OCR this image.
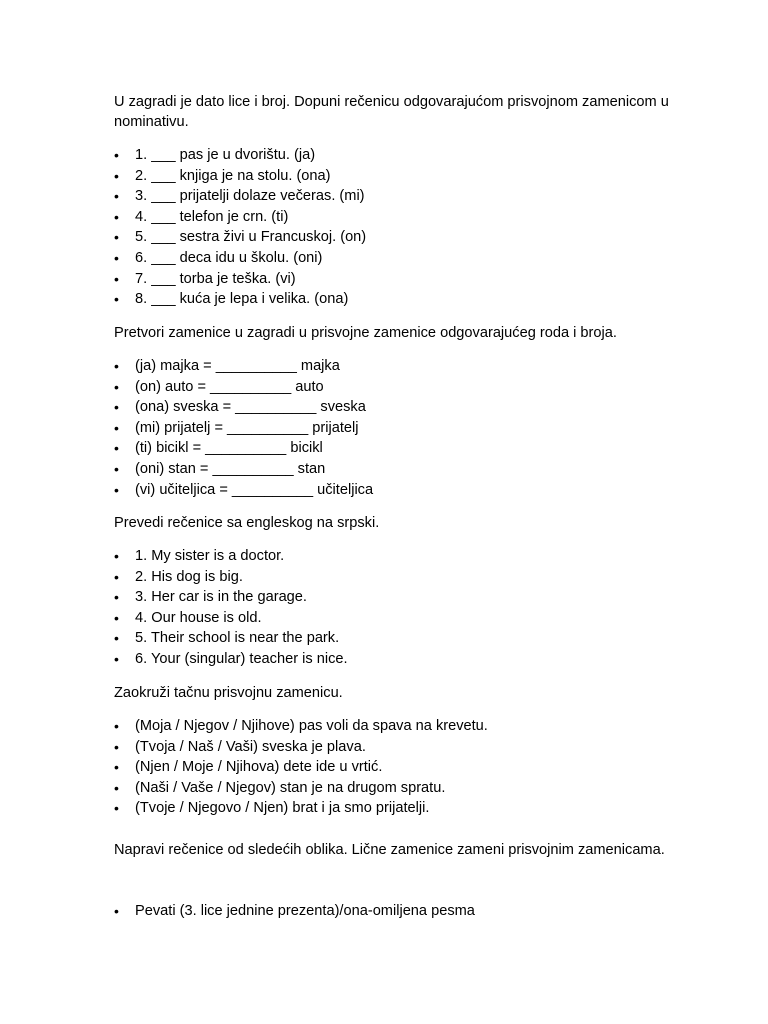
U zagradi je dato lice i broj. Dopuni rečenicu odgovarajućom prisvojnom zamenicom u nominativu.

• 1. ___ pas je u dvorištu. (ja)
• 2. ___ knjiga je na stolu. (ona)
• 3. ___ prijatelji dolaze večeras. (mi)
• 4. ___ telefon je crn. (ti)
• 5. ___ sestra živi u Francuskoj. (on)
• 6. ___ deca idu u školu. (oni)
• 7. ___ torba je teška. (vi)
• 8. ___ kuća je lepa i velika. (ona)

Pretvori zamenice u zagradi u prisvojne zamenice odgovarajućeg roda i broja.

• (ja) majka = __________ majka
• (on) auto = __________ auto
• (ona) sveska = __________ sveska
• (mi) prijatelj = __________ prijatelj
• (ti) bicikl = __________ bicikl
• (oni) stan = __________ stan
• (vi) učiteljica = __________ učiteljica

Prevedi rečenice sa engleskog na srpski.

• 1. My sister is a doctor.
• 2. His dog is big.
• 3. Her car is in the garage.
• 4. Our house is old.
• 5. Their school is near the park.
• 6. Your (singular) teacher is nice.

Zaokruži tačnu prisvojnu zamenicu.

• (Moja / Njegov / Njihove) pas voli da spava na krevetu.
• (Tvoja / Naš / Vaši) sveska je plava.
• (Njen / Moje / Njihova) dete ide u vrtić.
• (Naši / Vaše / Njegov) stan je na drugom spratu.
• (Tvoje / Njegovo / Njen) brat i ja smo prijatelji.

Napravi rečenice od sledećih oblika. Lične zamenice zameni prisvojnim zamenicama.

• Pevati (3. lice jednine prezenta)/ona-omiljena pesma
